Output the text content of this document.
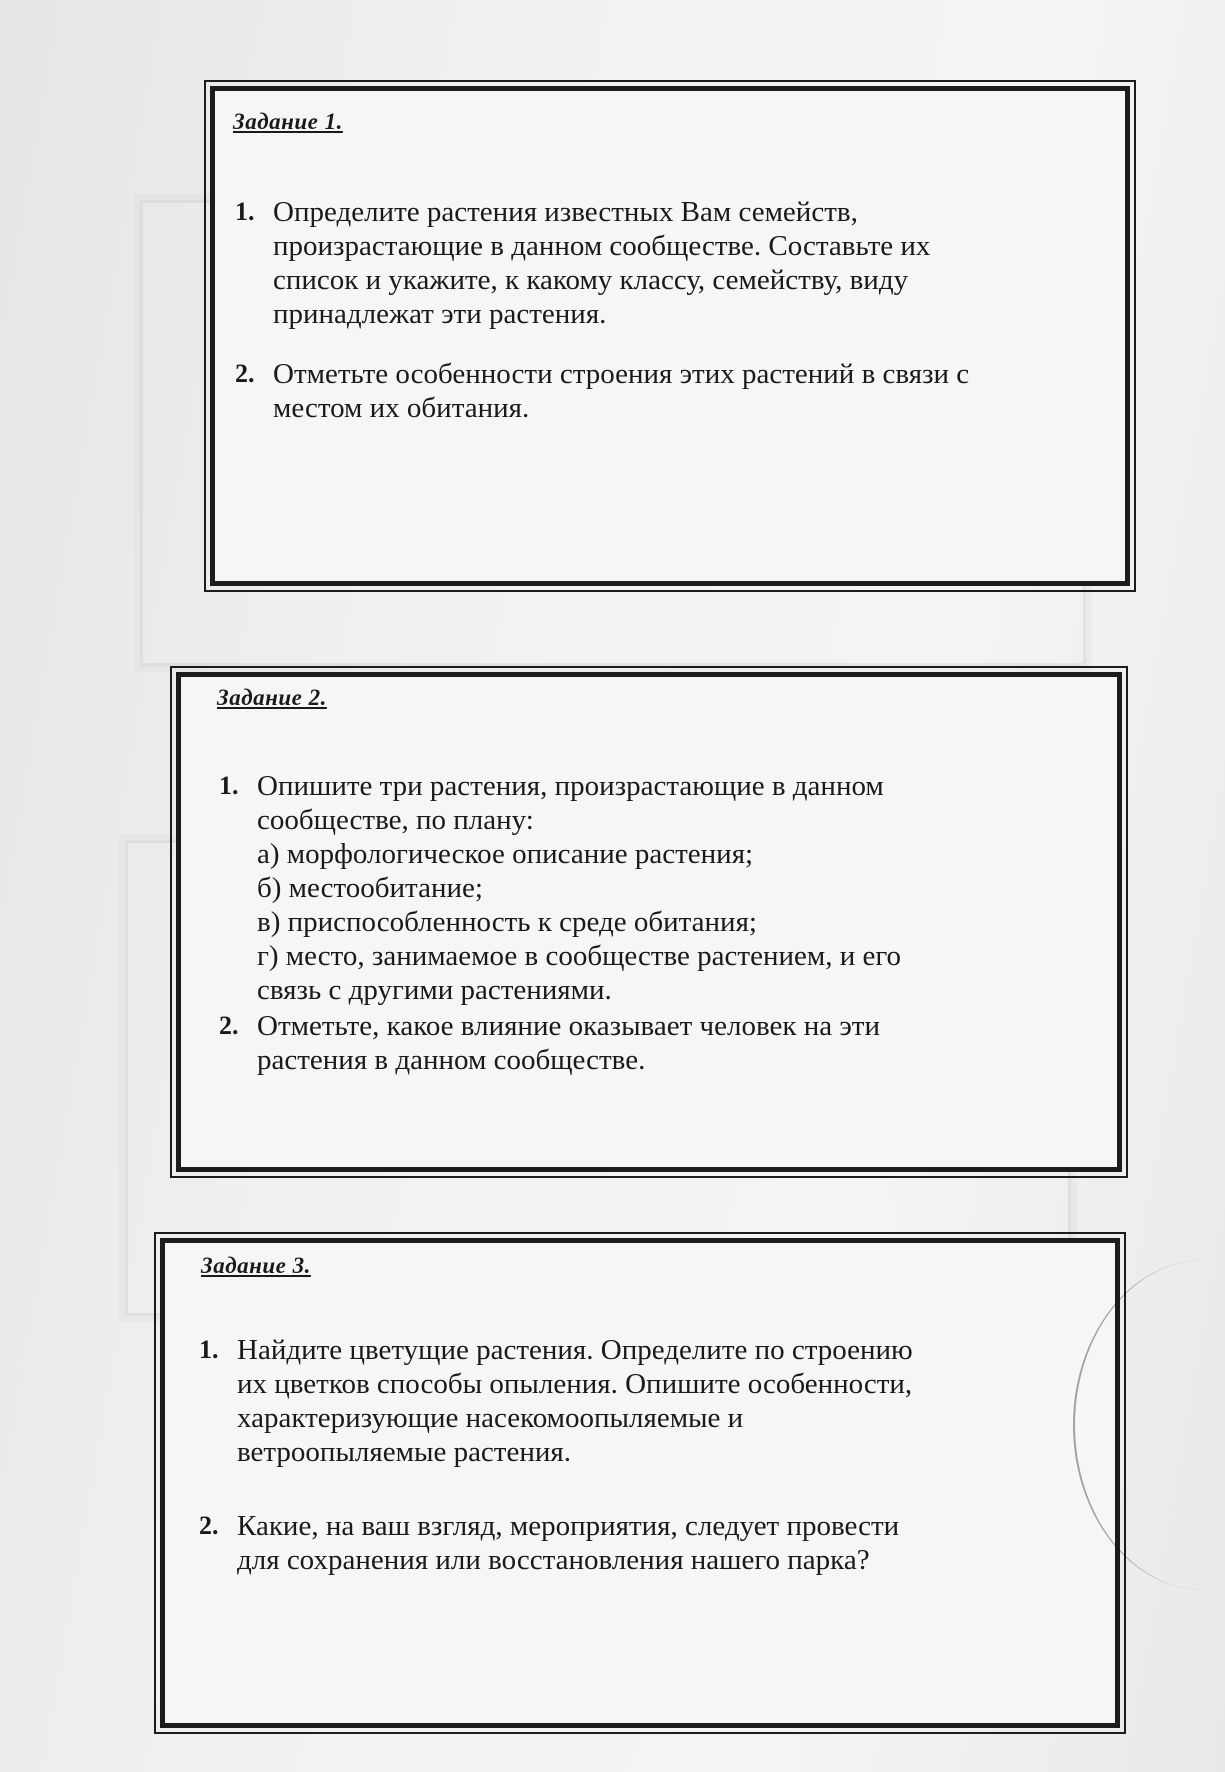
Задание 1.
1. Определите растения известных Вам семейств,
произрастающие в данном сообществе. Составьте их
список и укажите, к какому классу, семейству, виду
принадлежат эти растения.
2. Отметьте особенности строения этих растений в связи с
местом их обитания.
Задание 2.
1. Опишите три растения, произрастающие в данном
сообществе, по плану:
а) морфологическое описание растения;
б) местообитание;
в) приспособленность к среде обитания;
г) место, занимаемое в сообществе растением, и его
связь с другими растениями.
2. Отметьте, какое влияние оказывает человек на эти
растения в данном сообществе.
Задание 3.
1. Найдите цветущие растения. Определите по строению
их цветков способы опыления. Опишите особенности,
характеризующие насекомоопыляемые и
ветроопыляемые растения.
2. Какие, на ваш взгляд, мероприятия, следует провести
для сохранения или восстановления нашего парка?
